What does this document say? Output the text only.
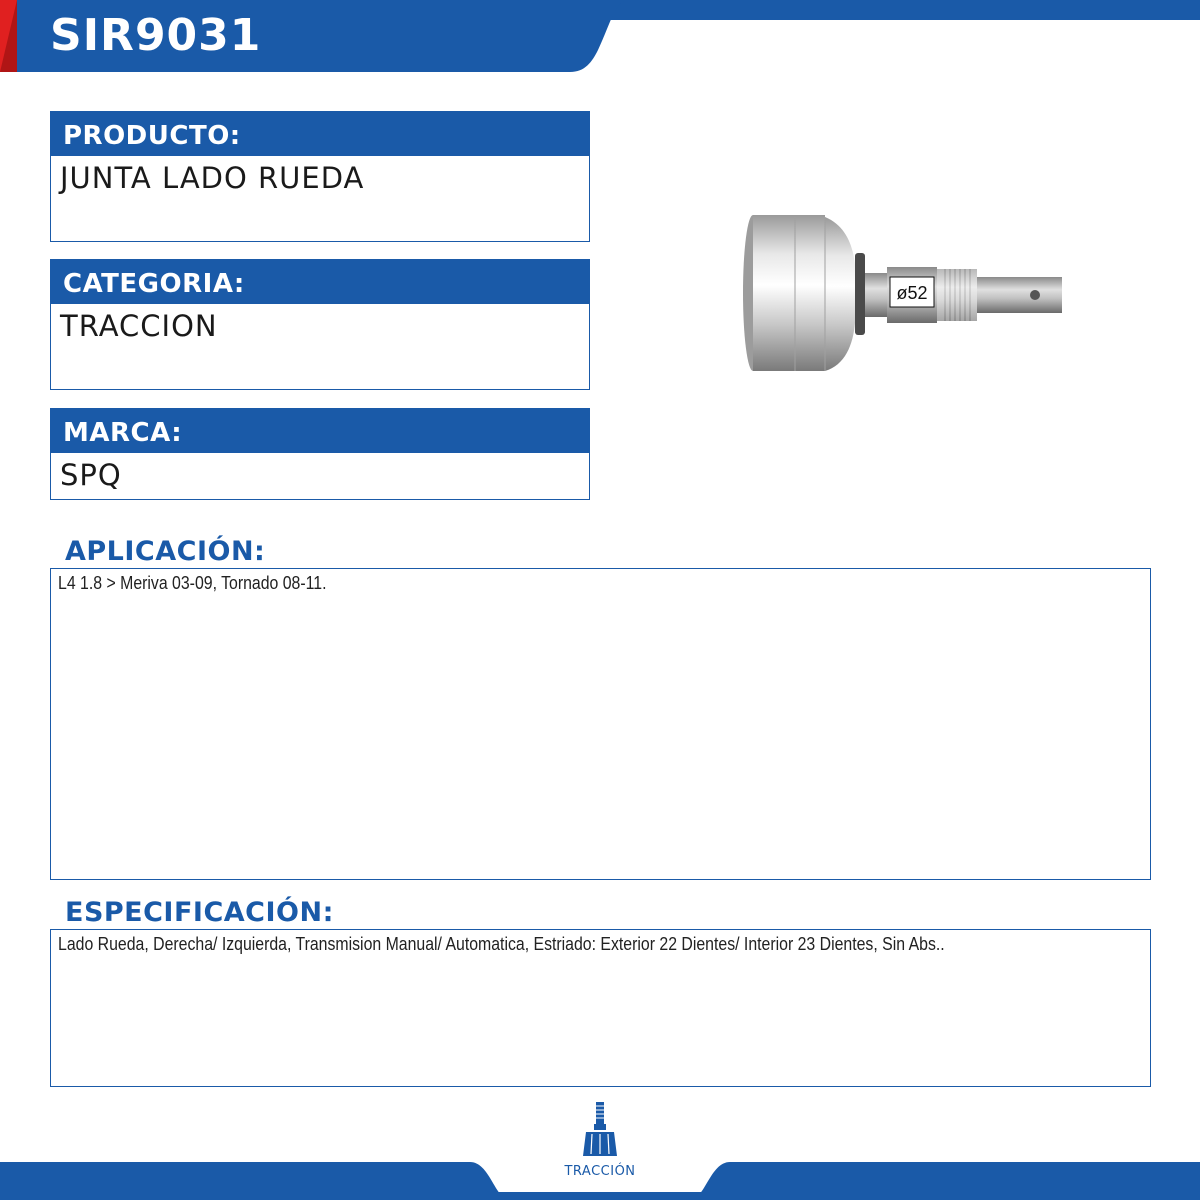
SIR9031
PRODUCTO:
JUNTA LADO RUEDA
CATEGORIA:
TRACCION
MARCA:
SPQ
ø52
APLICACIÓN:
L4 1.8 > Meriva 03-09, Tornado 08-11.
ESPECIFICACIÓN:
Lado Rueda, Derecha/ Izquierda, Transmision Manual/ Automatica, Estriado: Exterior 22 Dientes/ Interior 23 Dientes, Sin Abs..
TRACCIÓN
